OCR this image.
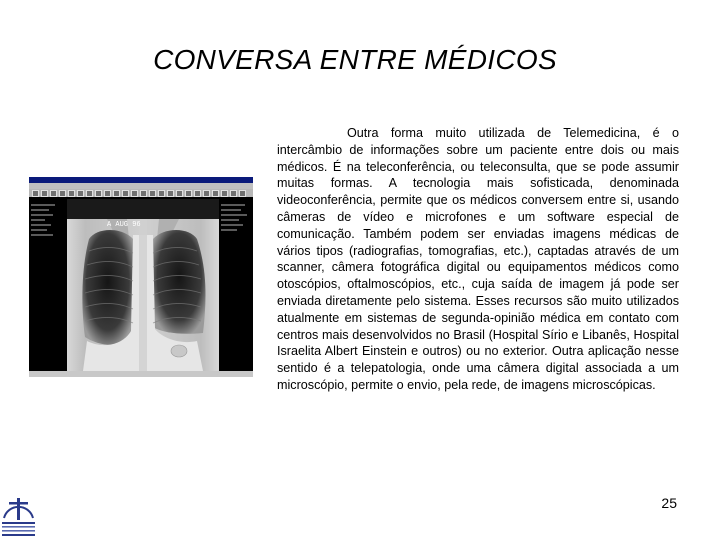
CONVERSA ENTRE MÉDICOS
A AUG 96
Outra forma muito utilizada de Telemedicina, é o intercâmbio de informações sobre um paciente entre dois ou mais médicos. É na teleconferência, ou teleconsulta, que se pode assumir muitas formas. A tecnologia mais sofisticada, denominada videoconferência, permite que os médicos conversem entre si, usando câmeras de vídeo e microfones e um software especial de comunicação. Também podem ser enviadas imagens médicas de vários tipos (radiografias, tomografias, etc.), captadas através de um scanner, câmera fotográfica digital ou equipamentos médicos como otoscópios, oftalmoscópios, etc., cuja saída de imagem já pode ser enviada diretamente pelo sistema. Esses recursos são muito utilizados atualmente em sistemas de segunda-opinião médica em contato com centros mais desenvolvidos no Brasil (Hospital Sírio e Libanês, Hospital Israelita Albert Einstein e outros) ou no exterior. Outra aplicação nesse sentido é a telepatologia, onde uma câmera digital associada a um microscópio, permite o envio, pela rede, de imagens microscópicas.
25
